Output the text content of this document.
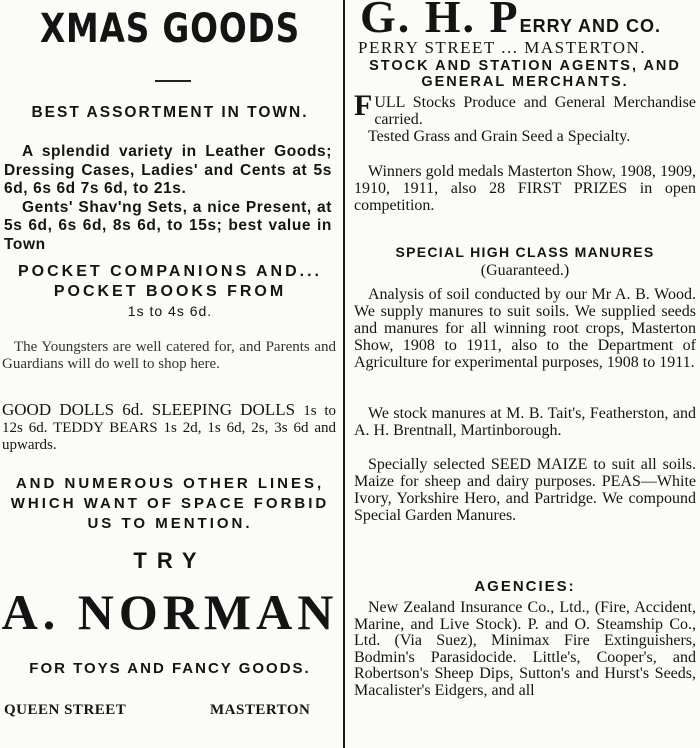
XMAS GOODS
BEST ASSORTMENT IN TOWN.
A splendid variety in Leather Goods; Dressing Cases, Ladies' and Cents at 5s 6d, 6s 6d 7s 6d, to 21s.
Gents' Shav'ng Sets, a nice Present, at 5s 6d, 6s 6d, 8s 6d, to 15s; best value in Town
POCKET COMPANIONS AND... POCKET BOOKS FROM
1s to 4s 6d.
The Youngsters are well catered for, and Parents and Guardians will do well to shop here.
GOOD DOLLS 6d. SLEEPING DOLLS 1s to 12s 6d. TEDDY BEARS 1s 2d, 1s 6d, 2s, 3s 6d and upwards.
AND NUMEROUS OTHER LINES, WHICH WANT OF SPACE FORBID US TO MENTION.
TRY
A. NORMAN
FOR TOYS AND FANCY GOODS.
QUEEN STREET	MASTERTON
G. H. PERRY AND CO.
PERRY STREET ... MASTERTON.
STOCK AND STATION AGENTS, AND GENERAL MERCHANTS.
FULL Stocks Produce and General Merchandise carried.
Tested Grass and Grain Seed a Specialty.
Winners gold medals Masterton Show, 1908, 1909, 1910, 1911, also 28 FIRST PRIZES in open competition.
SPECIAL HIGH CLASS MANURES
(Guaranteed.)
Analysis of soil conducted by our Mr A. B. Wood. We supply manures to suit soils. We supplied seeds and manures for all winning root crops, Masterton Show, 1908 to 1911, also to the Department of Agriculture for experimental purposes, 1908 to 1911.
We stock manures at M. B. Tait's, Featherston, and A. H. Brentnall, Martinborough.
Specially selected SEED MAIZE to suit all soils. Maize for sheep and dairy purposes. PEAS—White Ivory, Yorkshire Hero, and Partridge. We compound Special Garden Manures.
AGENCIES:
New Zealand Insurance Co., Ltd., (Fire, Accident, Marine, and Live Stock). P. and O. Steamship Co., Ltd. (Via Suez), Minimax Fire Extinguishers, Bodmin's Parasidocide. Little's, Cooper's, and Robertson's Sheep Dips, Sutton's and Hurst's Seeds, Macalister's Eidgers, and all
